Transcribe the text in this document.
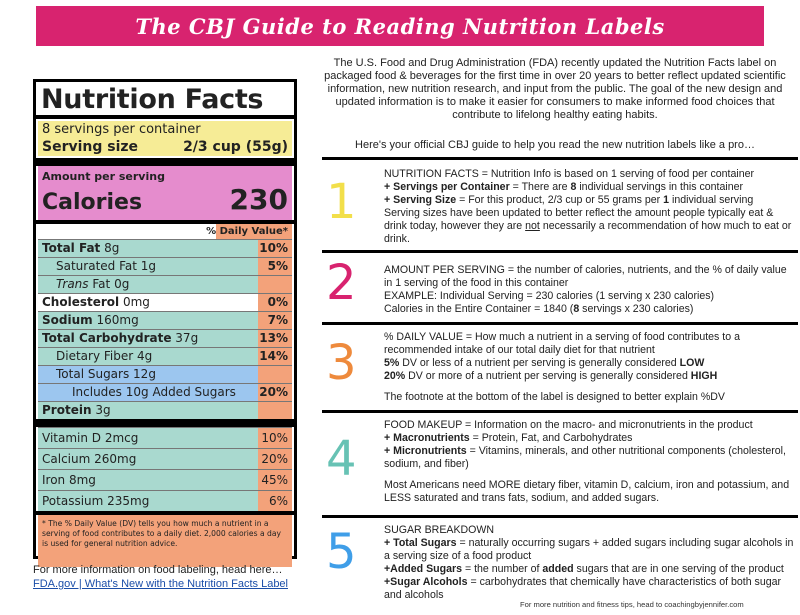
The CBJ Guide to Reading Nutrition Labels
Nutrition Facts
8 servings per container
Serving size	2/3 cup (55g)
Amount per serving
Calories	230
% Daily Value*
Total Fat 8g	10%
Saturated Fat 1g	5%
Trans Fat 0g
Cholesterol 0mg	0%
Sodium 160mg	7%
Total Carbohydrate 37g	13%
Dietary Fiber 4g	14%
Total Sugars 12g
Includes 10g Added Sugars	20%
Protein 3g
Vitamin D 2mcg	10%
Calcium 260mg	20%
Iron 8mg	45%
Potassium 235mg	6%
* The % Daily Value (DV) tells you how much a nutrient in a serving of food contributes to a daily diet. 2,000 calories a day is used for general nutrition advice.
For more information on food labeling, head here…
FDA.gov | What's New with the Nutrition Facts Label
The U.S. Food and Drug Administration (FDA) recently updated the Nutrition Facts label on packaged food & beverages for the first time in over 20 years to better reflect updated scientific information, new nutrition research, and input from the public. The goal of the new design and updated information is to make it easier for consumers to make informed food choices that contribute to lifelong healthy eating habits.
Here's your official CBJ guide to help you read the new nutrition labels like a pro…
1	NUTRITION FACTS = Nutrition Info is based on 1 serving of food per container
+ Servings per Container = There are 8 individual servings in this container
+ Serving Size = For this product, 2/3 cup or 55 grams per 1 individual serving
Serving sizes have been updated to better reflect the amount people typically eat & drink today, however they are not necessarily a recommendation of how much to eat or drink.
2	AMOUNT PER SERVING = the number of calories, nutrients, and the % of daily value in 1 serving of the food in this container
EXAMPLE: Individual Serving = 230 calories (1 serving x 230 calories)
Calories in the Entire Container = 1840 (8 servings x 230 calories)
3	% DAILY VALUE = How much a nutrient in a serving of food contributes to a recommended intake of our total daily diet for that nutrient
5% DV or less of a nutrient per serving is generally considered LOW
20% DV or more of a nutrient per serving is generally considered HIGH
The footnote at the bottom of the label is designed to better explain %DV
4
FOOD MAKEUP = Information on the macro- and micronutrients in the product
+ Macronutrients = Protein, Fat, and Carbohydrates
+ Micronutrients = Vitamins, minerals, and other nutritional components (cholesterol, sodium, and fiber)
Most Americans need MORE dietary fiber, vitamin D, calcium, iron and potassium, and LESS saturated and trans fats, sodium, and added sugars.
5	SUGAR BREAKDOWN
+ Total Sugars = naturally occurring sugars + added sugars including sugar alcohols in a serving size of a food product
+Added Sugars = the number of added sugars that are in one serving of the product
+Sugar Alcohols = carbohydrates that chemically have characteristics of both sugar and alcohols
For more nutrition and fitness tips, head to coachingbyjennifer.com
